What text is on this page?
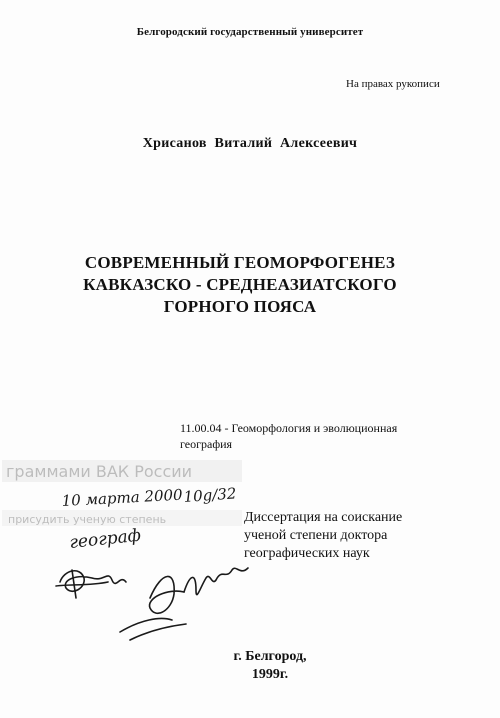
Белгородский государственный университет
На правах рукописи
Хрисанов Виталий Алексеевич
СОВРЕМЕННЫЙ ГЕОМОРФОГЕНЕЗ
КАВКАЗСКО - СРЕДНЕАЗИАТСКОГО
ГОРНОГО ПОЯСА
11.00.04 - Геоморфология и эволюционная
география
граммами ВАК России
присудить ученую степень
10 марта 2000 10g/32
географ
Диссертация на соискание
ученой степени доктора
географических наук
г. Белгород,
1999г.
